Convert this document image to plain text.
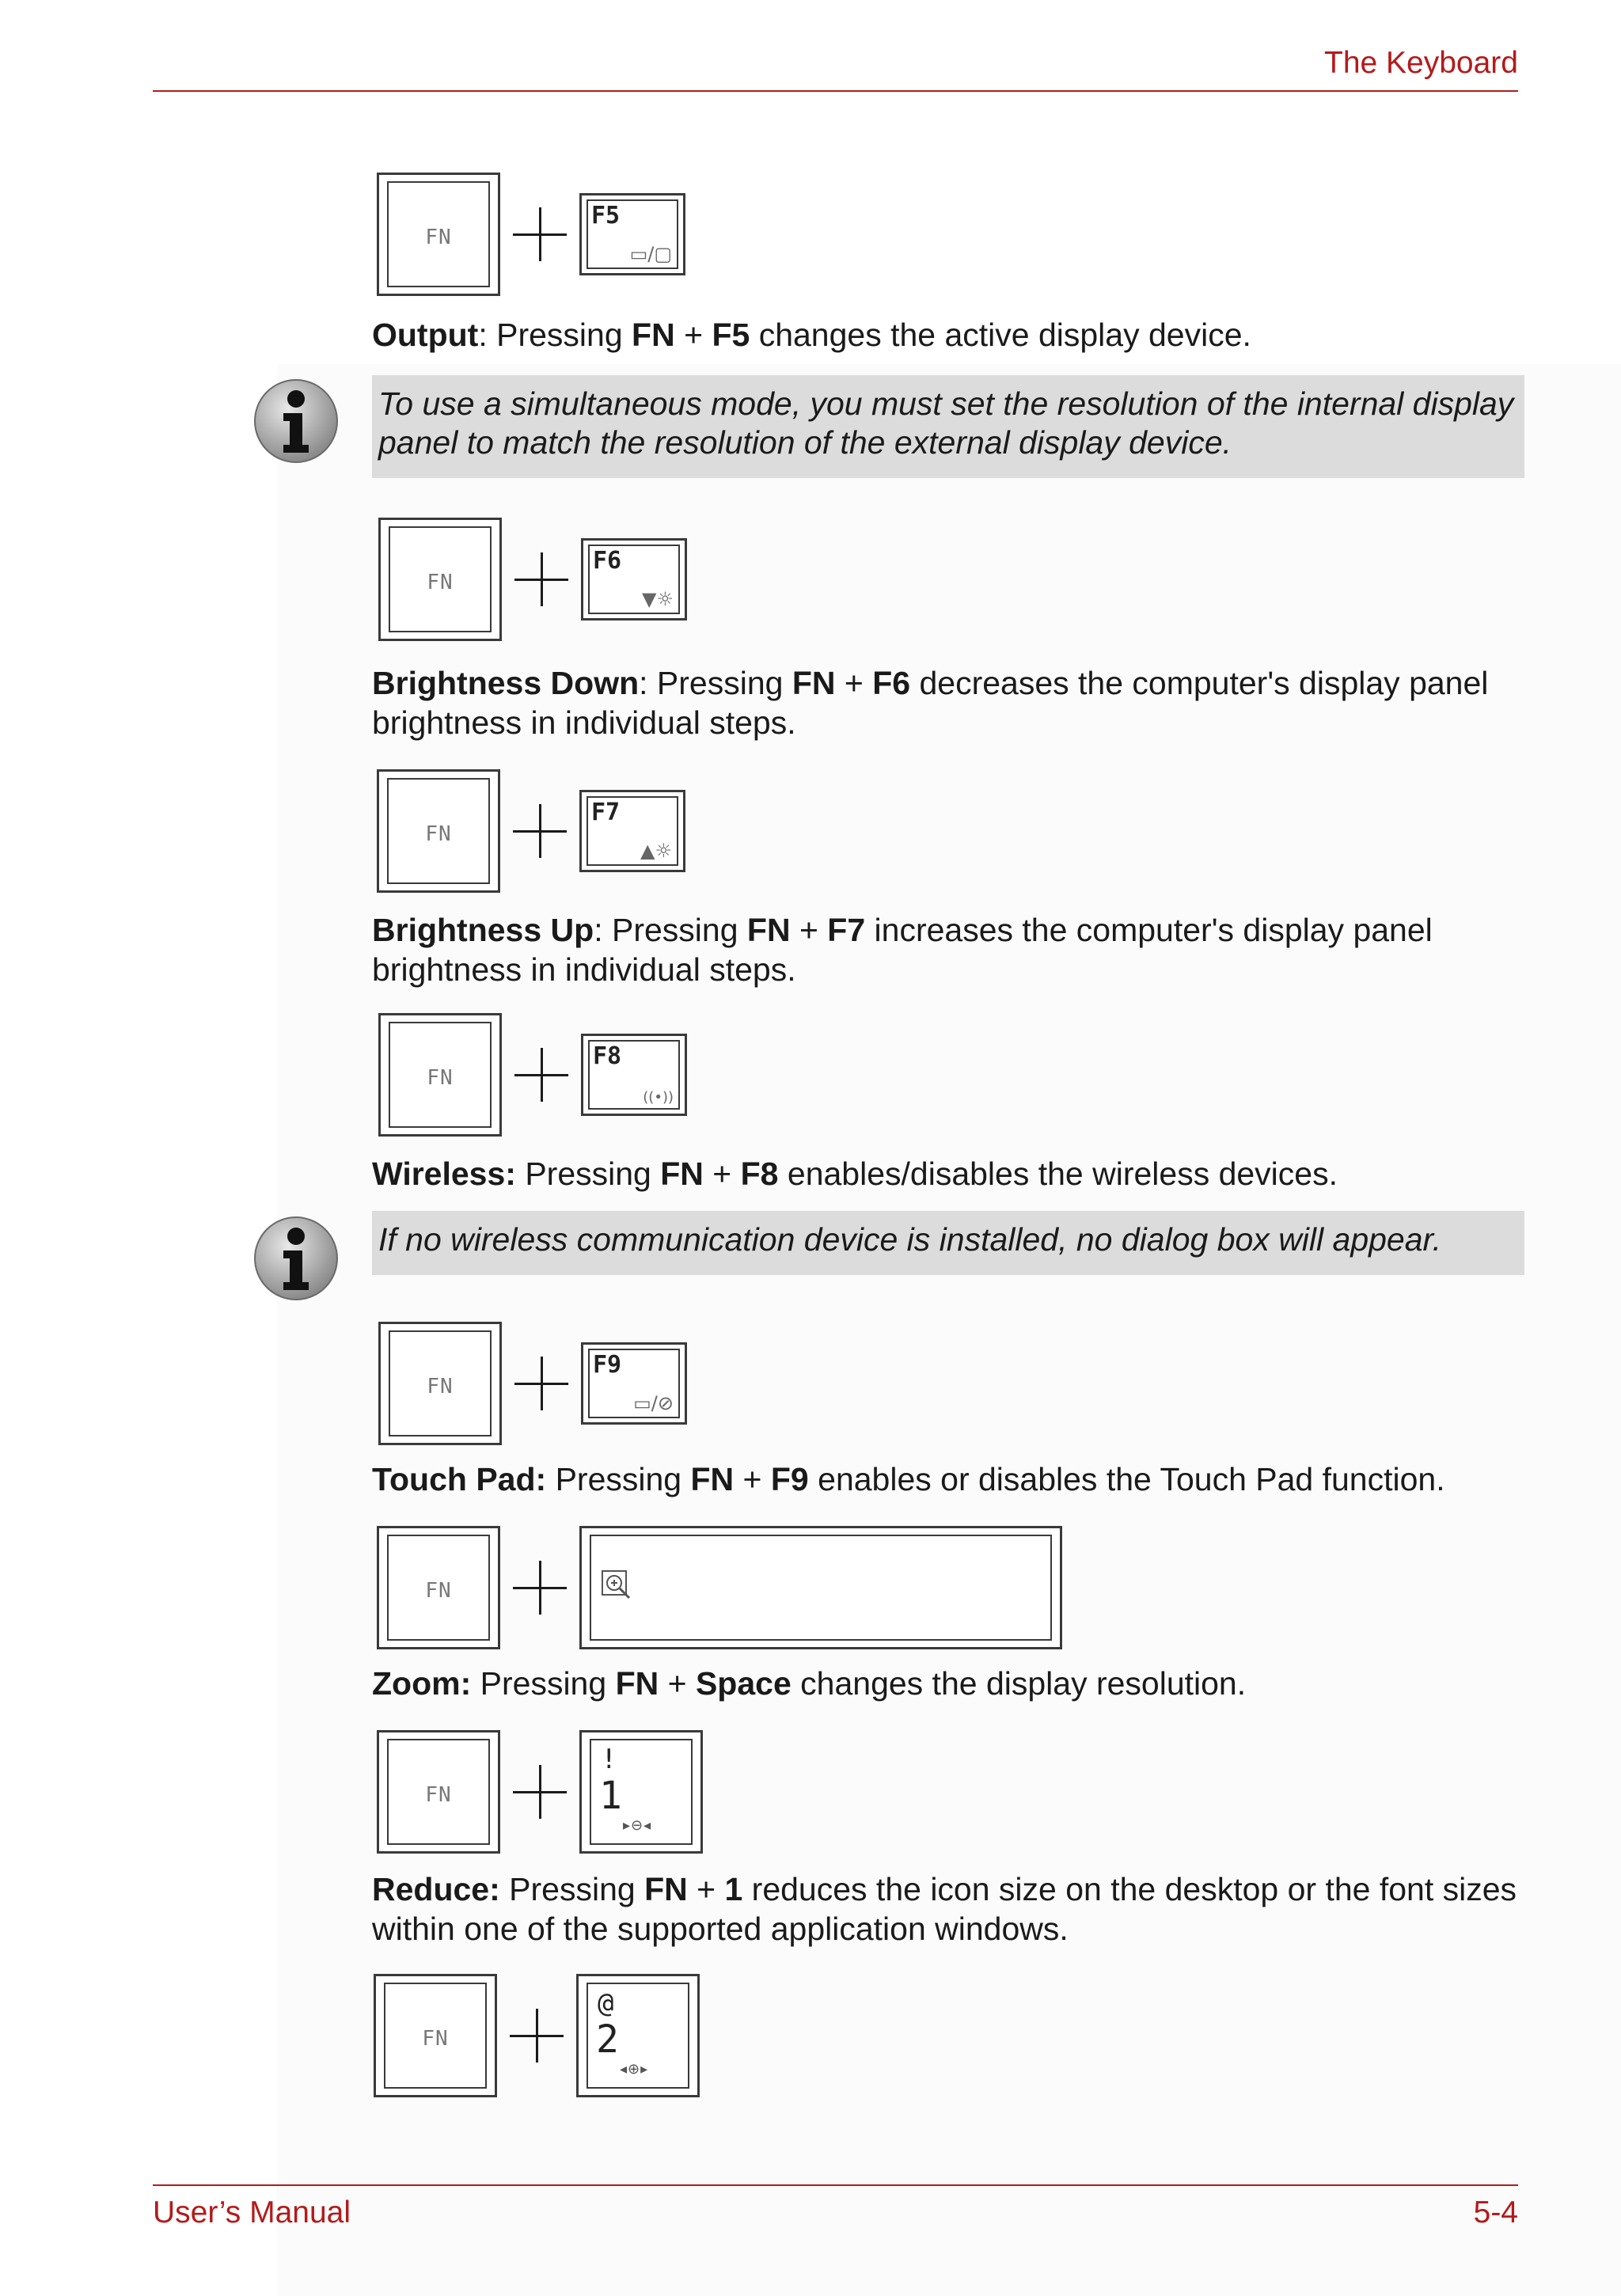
The Keyboard
FN
F5
▭/▢
Output: Pressing FN + F5 changes the active display device.
To use a simultaneous mode, you must set the resolution of the internal display panel to match the resolution of the external display device.
FN
F6
▼☼
Brightness Down: Pressing FN + F6 decreases the computer's display panel brightness in individual steps.
FN
F7
▲☼
Brightness Up: Pressing FN + F7 increases the computer's display panel brightness in individual steps.
FN
F8
((•))
Wireless: Pressing FN + F8 enables/disables the wireless devices.
If no wireless communication device is installed, no dialog box will appear.
FN
F9
▭/⊘
Touch Pad: Pressing FN + F9 enables or disables the Touch Pad function.
FN
Zoom: Pressing FN + Space changes the display resolution.
FN
!
1
▸⊖◂
Reduce: Pressing FN + 1 reduces the icon size on the desktop or the font sizes within one of the supported application windows.
FN
@
2
◂⊕▸
User’s Manual	5-4
